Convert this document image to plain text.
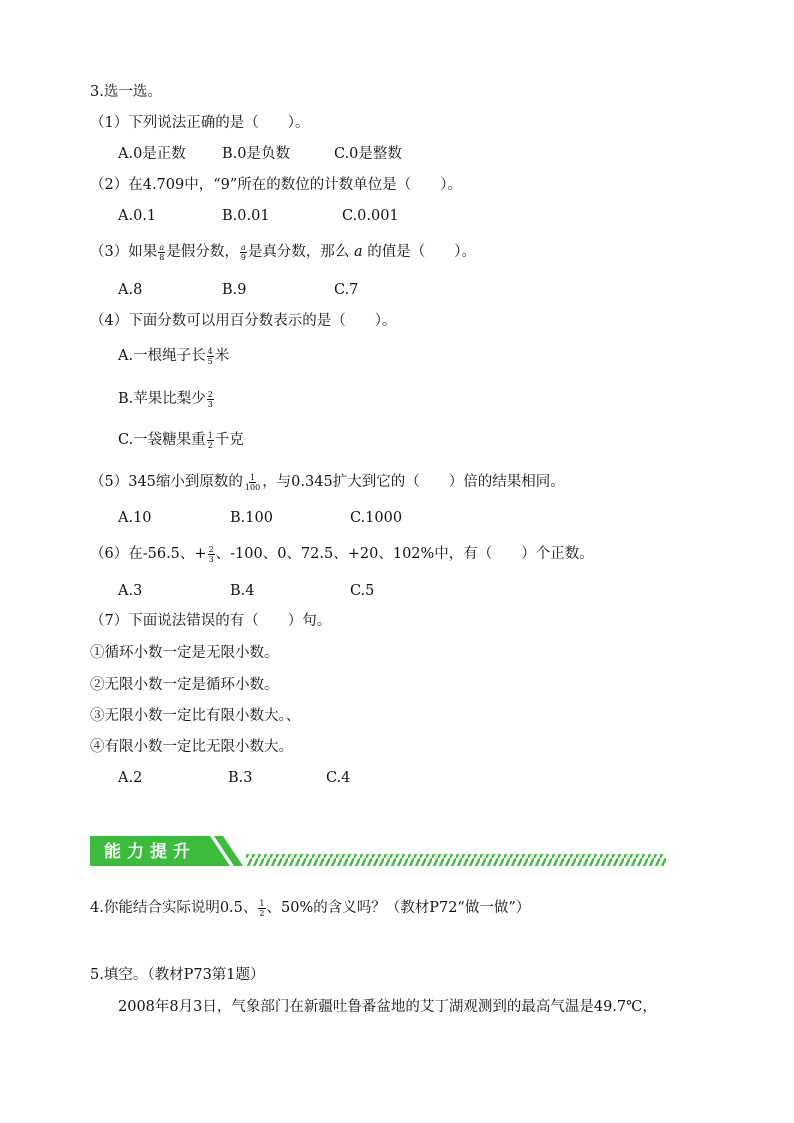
3.选一选。
（1）下列说法正确的是（　　）。
A.0是正数 B.0是负数	C.0是整数
（2）在4.709中，“9”所在的数位的计数单位是（　　）。
A.0.1	B.0.01	C.0.001
（3）如果 $\frac{a}{8}$ 是假分数， $\frac{a}{9}$ 是真分数，那么 a 的值是（　　）。
A.8	B.9	C.7
（4）下面分数可以用百分数表示的是（　　）。
A.一根绳子长 $\frac{4}{5}$ 米
B.苹果比梨少 $\frac{2}{3}$
C.一袋糖果重 $\frac{1}{2}$ 千克
（5）345缩小到原数的 $\frac{1}{100}$ ，与0.345扩大到它的（　　）倍的结果相同。
A.10	B.100	C.1000
（6）在-56.5、+ $\frac{2}{3}$ 、-100、0、72.5、+20、102%中，有（　　）个正数。
A.3	B.4	C.5
（7）下面说法错误的有（　　）句。
①循环小数一定是无限小数。
②无限小数一定是循环小数。
③无限小数一定比有限小数大。、
④有限小数一定比无限小数大。
A.2	B.3	C.4
能力提升
4.你能结合实际说明0.5、 $\frac{1}{2}$ 、50%的含义吗？（教材P72“做一做”）
5.填空。（教材P73第1题）
2008年8月3日，气象部门在新疆吐鲁番盆地的艾丁湖观测到的最高气温是49.7℃，
